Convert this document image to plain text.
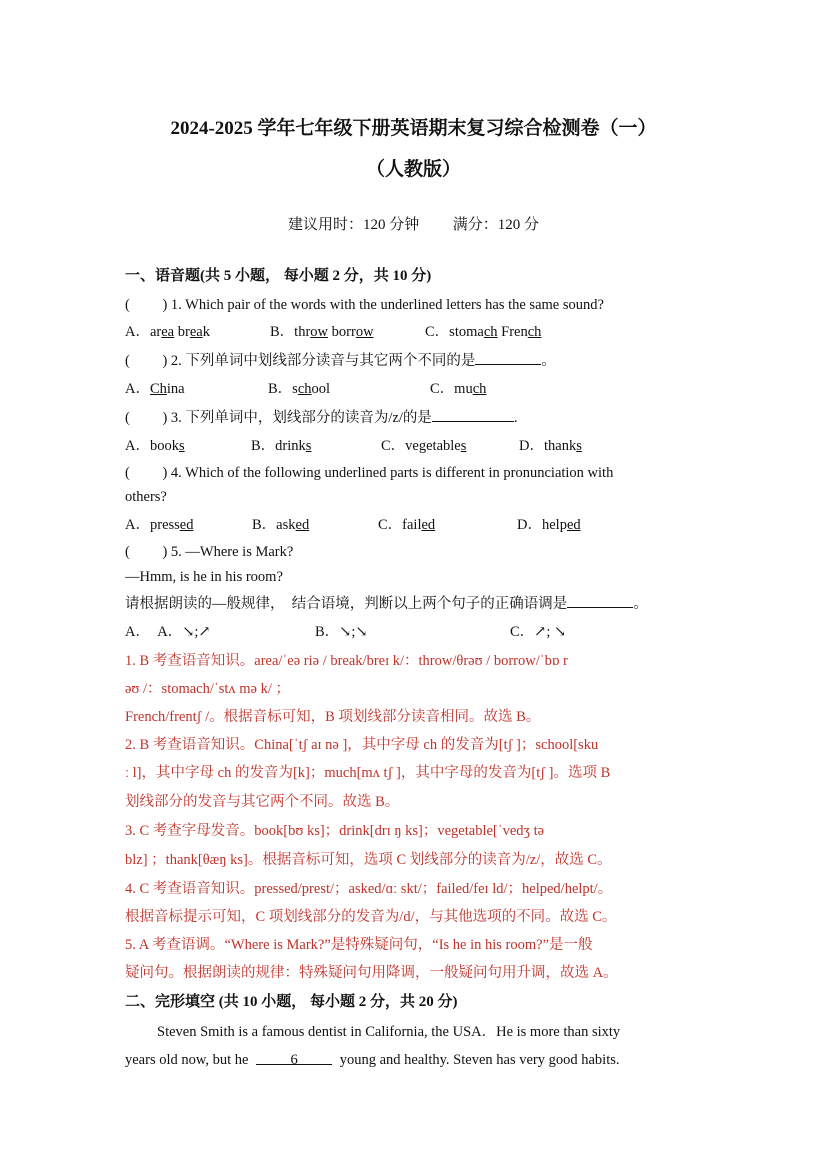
2024-2025 学年七年级下册英语期末复习综合检测卷（一）
（人教版）
建议用时：120 分钟 满分：120 分
一、语音题(共 5 小题， 每小题 2 分，共 10 分)
(　　 ) 1. Which pair of the words with the underlined letters has the same sound?
A．area break	B．throw borrow	C．stomach French
(　　 ) 2. 下列单词中划线部分读音与其它两个不同的是	。
A．China	B．school	C．much
(　　 ) 3. 下列单词中，划线部分的读音为/z/的是	.
A．books	B．drinks	C．vegetables	D．thanks
(　　 ) 4. Which of the following underlined parts is different in pronunciation with
others?
A．pressed	B．asked	C．failed	D．helped
(　　 ) 5. —Where is Mark?
—Hmm, is he in his room?
请根据朗读的—般规律，　结合语境，判断以上两个句子的正确语调是	。
A．　A．↘;↗	B．↘;↘	C．↗; ↘
1. B 考查语音知识。area/ˈeə riə / break/breɪ k/：throw/θrəʊ / borrow/ˈbɒ r
əʊ /：stomach/ˈstʌ mə k/ ；
French/frentʃ /。根据音标可知，B 项划线部分读音相同。故选 B。
2. B 考查语音知识。China[ˈtʃ aɪ nə ]，其中字母 ch 的发音为[tʃ ]；school[sku
ː l]，其中字母 ch 的发音为[k]；much[mʌ tʃ ]，其中字母的发音为[tʃ ]。选项 B
划线部分的发音与其它两个不同。故选 B。
3. C 考查字母发音。book[bʊ ks]；drink[drɪ ŋ ks]；vegetable[ˈvedʒ tə
blz] ；thank[θæŋ ks]。根据音标可知，选项 C 划线部分的读音为/z/，故选 C。
4. C 考查语音知识。pressed/prest/；asked/ɑː skt/；failed/feɪ ld/；helped/helpt/。
根据音标提示可知，C 项划线部分的发音为/d/，与其他选项的不同。故选 C。
5. A 考查语调。“Where is Mark?”是特殊疑问句，“Is he in his room?”是一般
疑问句。根据朗读的规律：特殊疑问句用降调，一般疑问句用升调，故选 A。
二、完形填空 (共 10 小题， 每小题 2 分，共 20 分)
Steven Smith is a famous dentist in California, the USA．He is more than sixty
years old now, but he	6	young and healthy. Steven has very good habits.
